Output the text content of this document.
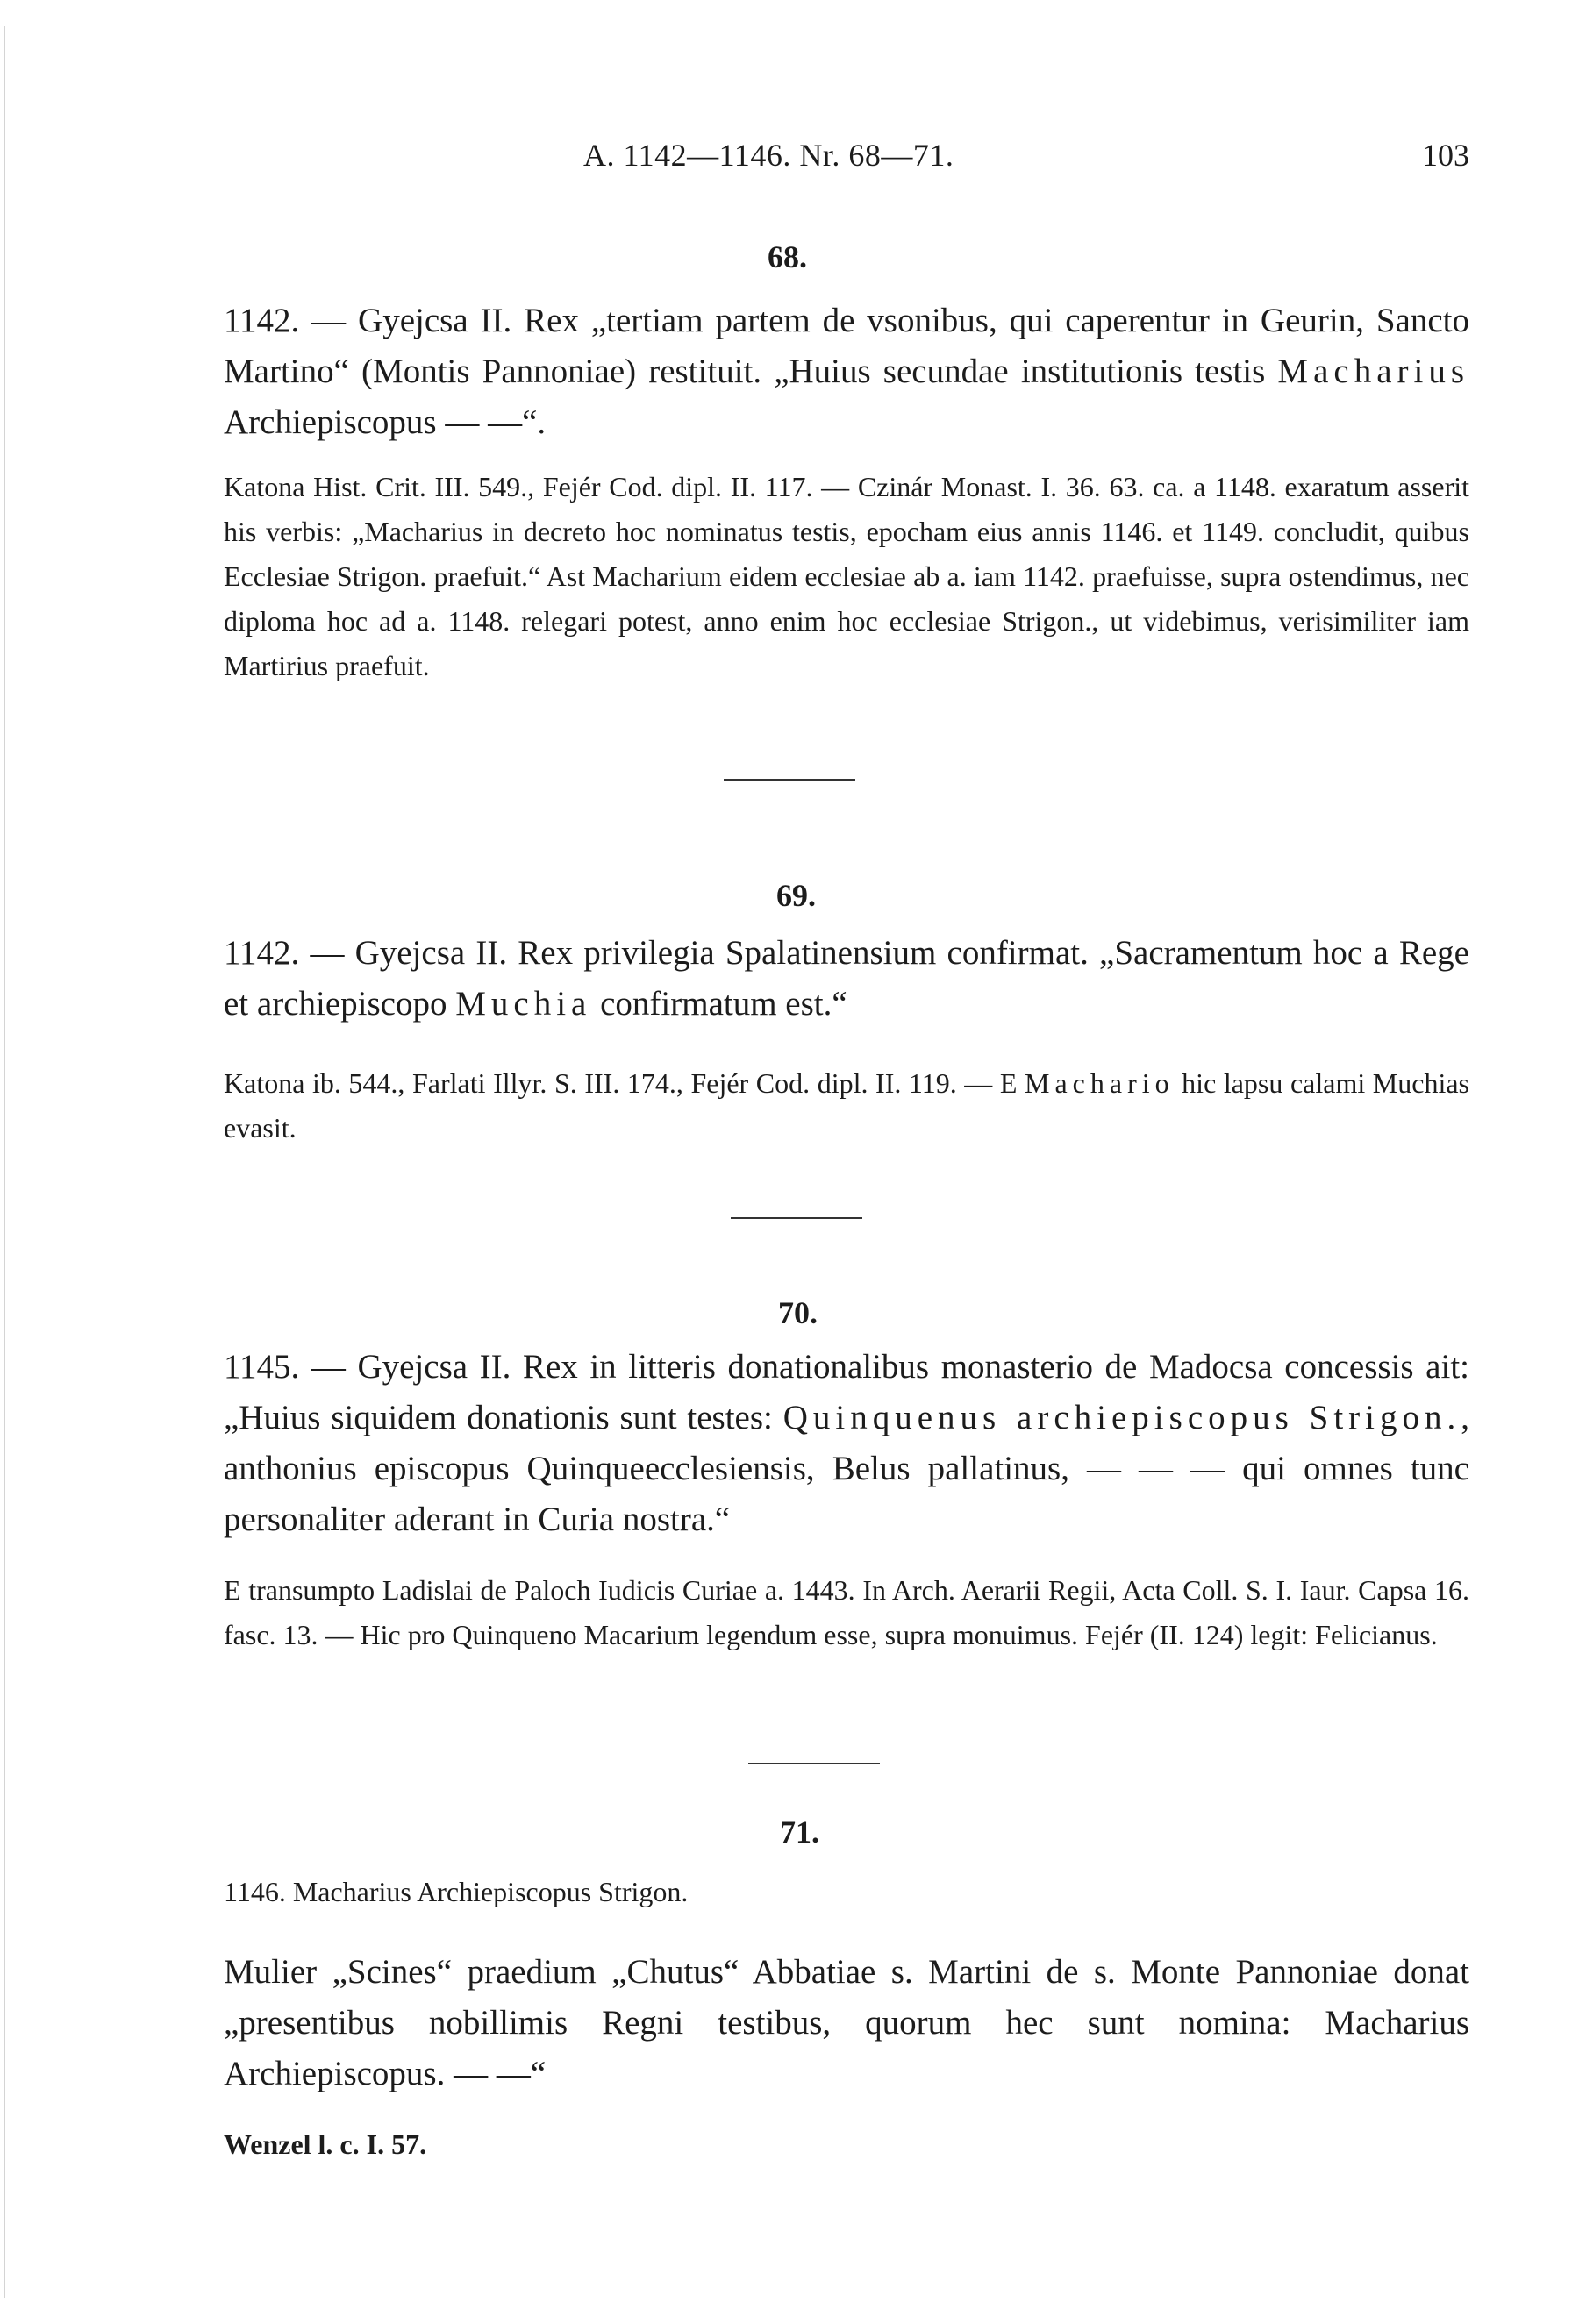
A. 1142—1146. Nr. 68—71.	103
68.

1142. — Gyejcsa II. Rex „tertiam partem de vsonibus, qui caperentur in Geurin, Sancto Martino“ (Montis Pannoniae) restituit. „Huius secundae institutionis testis Macharius Archiepiscopus — —“.

Katona Hist. Crit. III. 549., Fejér Cod. dipl. II. 117. — Czinár Monast. I. 36. 63. ca. a 1148. exaratum asserit his verbis: „Macharius in decreto hoc nominatus testis, epocham eius annis 1146. et 1149. concludit, quibus Ecclesiae Strigon. praefuit.“ Ast Macharium eidem ecclesiae ab a. iam 1142. praefuisse, supra ostendimus, nec diploma hoc ad a. 1148. relegari potest, anno enim hoc ecclesiae Strigon., ut videbimus, verisimiliter iam Martirius praefuit.

69.

1142. — Gyejcsa II. Rex privilegia Spalatinensium confirmat. „Sacramentum hoc a Rege et archiepiscopo Muchia confirmatum est.“

Katona ib. 544., Farlati Illyr. S. III. 174., Fejér Cod. dipl. II. 119. — E Machario hic lapsu calami Muchias evasit.

70.

1145. — Gyejcsa II. Rex in litteris donationalibus monasterio de Madocsa concessis ait: „Huius siquidem donationis sunt testes: Quinquenus archiepiscopus Strigon., anthonius episcopus Quinqueecclesiensis, Belus pallatinus, — — — qui omnes tunc personaliter aderant in Curia nostra.“

E transumpto Ladislai de Paloch Iudicis Curiae a. 1443. In Arch. Aerarii Regii, Acta Coll. S. I. Iaur. Capsa 16. fasc. 13. — Hic pro Quinqueno Macarium legendum esse, supra monuimus. Fejér (II. 124) legit: Felicianus.

71.

1146. Macharius Archiepiscopus Strigon.

Mulier „Scines“ praedium „Chutus“ Abbatiae s. Martini de s. Monte Pannoniae donat „presentibus nobillimis Regni testibus, quorum hec sunt nomina: Macharius Archiepiscopus. — —“

Wenzel l. c. I. 57.
